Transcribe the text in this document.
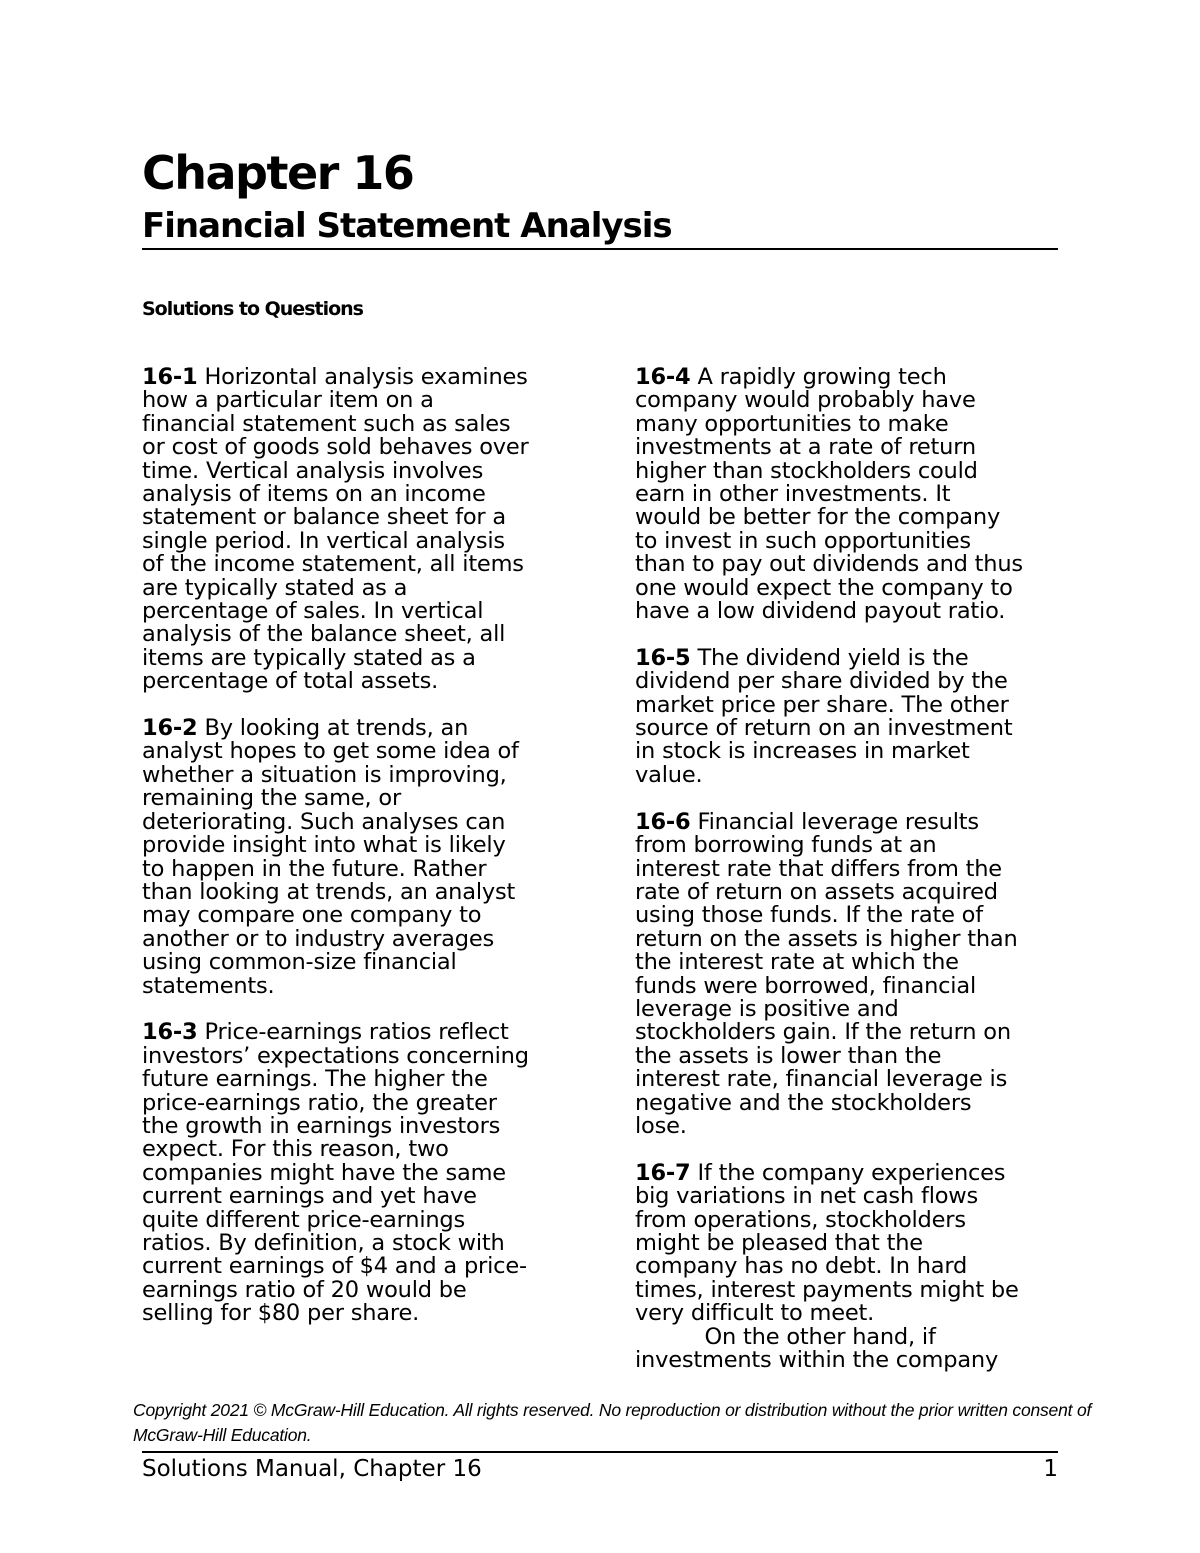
Chapter 16
Financial Statement Analysis
Solutions to Questions

16-1 Horizontal analysis examines
how a particular item on a
financial statement such as sales
or cost of goods sold behaves over
time. Vertical analysis involves
analysis of items on an income
statement or balance sheet for a
single period. In vertical analysis
of the income statement, all items
are typically stated as a
percentage of sales. In vertical
analysis of the balance sheet, all
items are typically stated as a
percentage of total assets.

16-2 By looking at trends, an
analyst hopes to get some idea of
whether a situation is improving,
remaining the same, or
deteriorating. Such analyses can
provide insight into what is likely
to happen in the future. Rather
than looking at trends, an analyst
may compare one company to
another or to industry averages
using common-size financial
statements.

16-3 Price-earnings ratios reflect
investors’ expectations concerning
future earnings. The higher the
price-earnings ratio, the greater
the growth in earnings investors
expect. For this reason, two
companies might have the same
current earnings and yet have
quite different price-earnings
ratios. By definition, a stock with
current earnings of $4 and a price-
earnings ratio of 20 would be
selling for $80 per share.

16-4 A rapidly growing tech
company would probably have
many opportunities to make
investments at a rate of return
higher than stockholders could
earn in other investments. It
would be better for the company
to invest in such opportunities
than to pay out dividends and thus
one would expect the company to
have a low dividend payout ratio.

16-5 The dividend yield is the
dividend per share divided by the
market price per share. The other
source of return on an investment
in stock is increases in market
value.

16-6 Financial leverage results
from borrowing funds at an
interest rate that differs from the
rate of return on assets acquired
using those funds. If the rate of
return on the assets is higher than
the interest rate at which the
funds were borrowed, financial
leverage is positive and
stockholders gain. If the return on
the assets is lower than the
interest rate, financial leverage is
negative and the stockholders
lose.

16-7 If the company experiences
big variations in net cash flows
from operations, stockholders
might be pleased that the
company has no debt. In hard
times, interest payments might be
very difficult to meet.
On the other hand, if
investments within the company

Copyright 2021 © McGraw-Hill Education. All rights reserved. No reproduction or distribution without the prior written consent of McGraw-Hill Education.
Solutions Manual, Chapter 16	1
